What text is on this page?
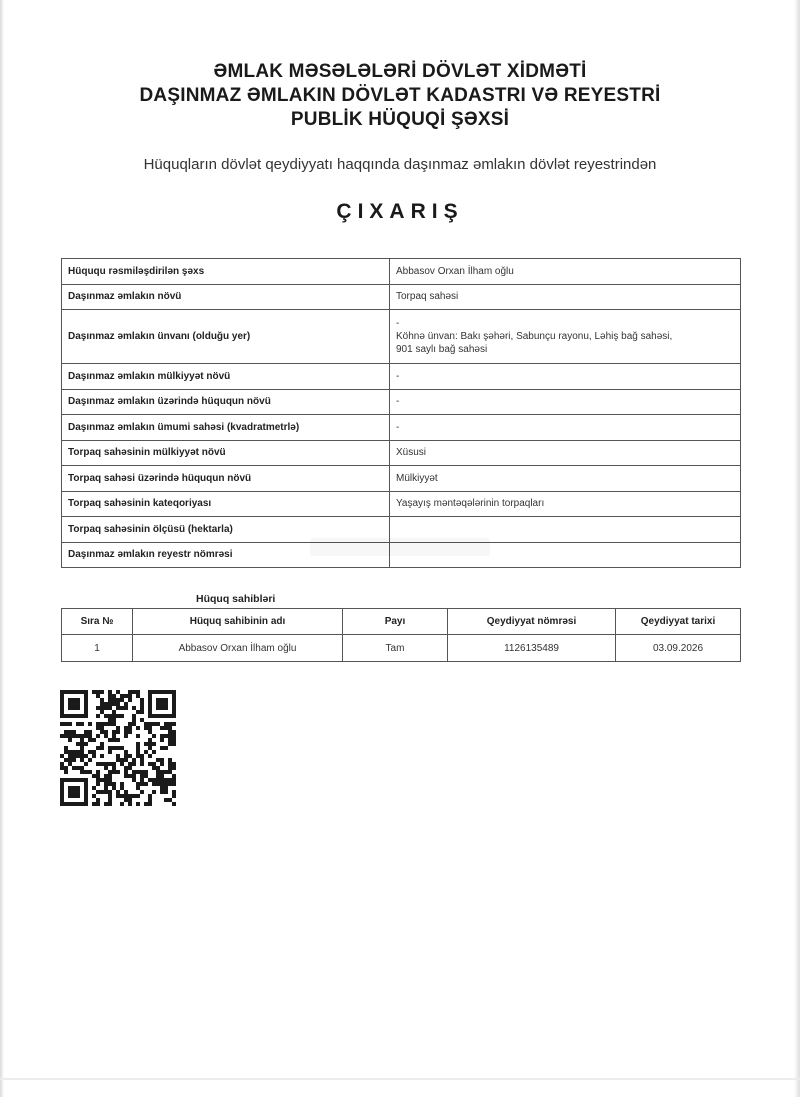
ƏMLAK MƏSƏLƏLƏRİ DÖVLƏT XİDMƏTİ
DAŞINMAZ ƏMLAKIN DÖVLƏT KADASTRI VƏ REYESTRİ
PUBLİK HÜQUQİ ŞƏXSİ
Hüquqların dövlət qeydiyyatı haqqında daşınmaz əmlakın dövlət reyestrindən
ÇIXARIŞ
Hüququ rəsmiləşdirilən şəxs	Abbasov Orxan İlham oğlu
Daşınmaz əmlakın növü	Torpaq sahəsi
Daşınmaz əmlakın ünvanı (olduğu yer)	-
Köhnə ünvan: Bakı şəhəri, Sabunçu rayonu, Ləhiş bağ sahəsi,
901 saylı bağ sahəsi

Daşınmaz əmlakın mülkiyyət növü	-
Daşınmaz əmlakın üzərində hüququn növü	-
Daşınmaz əmlakın ümumi sahəsi (kvadratmetrlə)	-
Torpaq sahəsinin mülkiyyət növü	Xüsusi
Torpaq sahəsi üzərində hüququn növü	Mülkiyyət
Torpaq sahəsinin kateqoriyası	Yaşayış məntəqələrinin torpaqları
Torpaq sahəsinin ölçüsü (hektarla)	
Daşınmaz əmlakın reyestr nömrəsi	
Hüquq sahibləri
Sıra №	Hüquq sahibinin adı	Payı	Qeydiyyat nömrəsi	Qeydiyyat tarixi
1	Abbasov Orxan İlham oğlu	Tam	1126135489	03.09.2026
